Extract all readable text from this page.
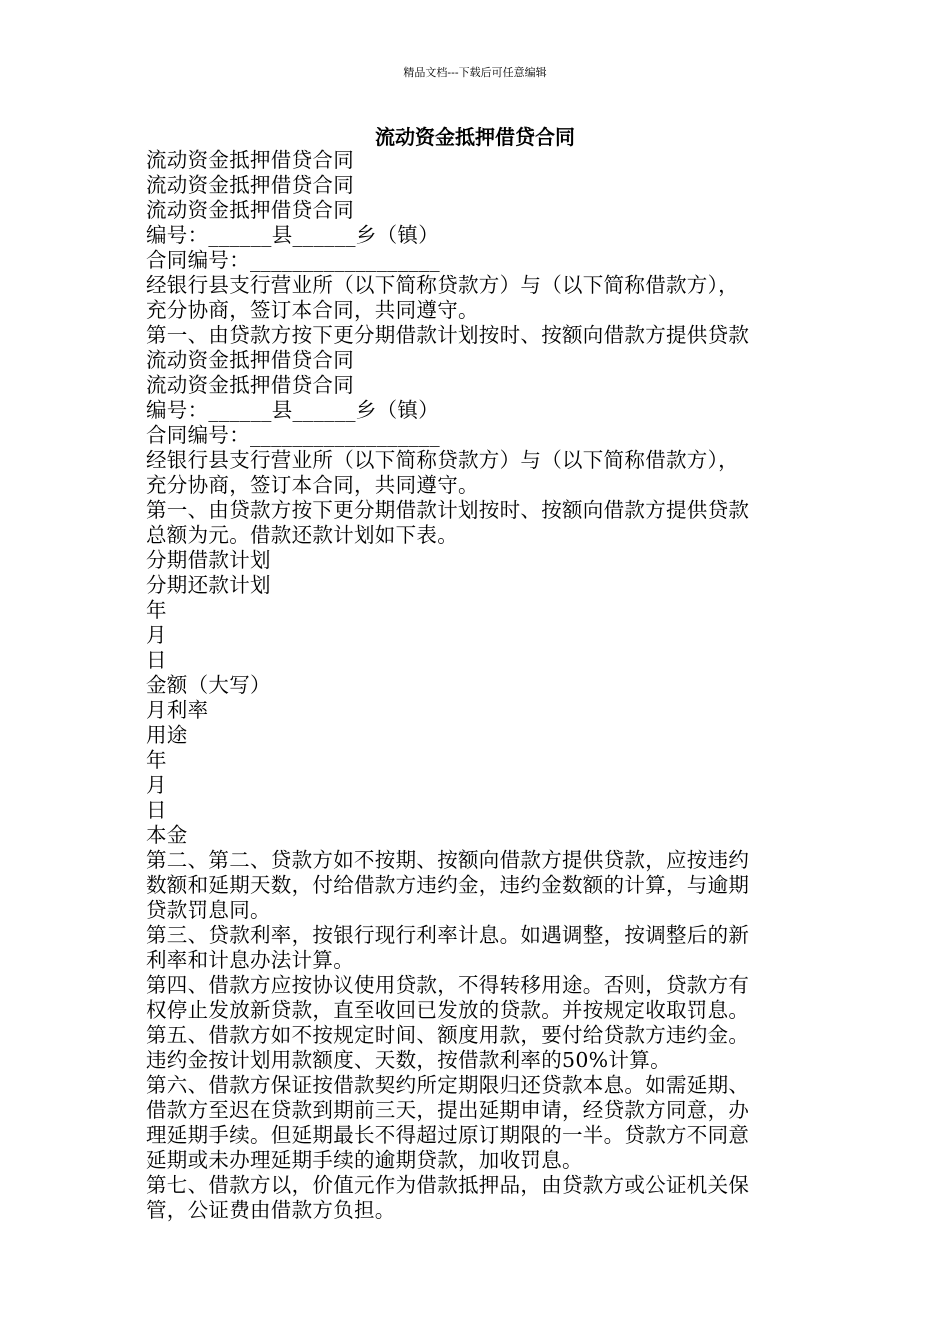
精品文档---下载后可任意编辑
流动资金抵押借贷合同
流动资金抵押借贷合同
流动资金抵押借贷合同
流动资金抵押借贷合同
编号：______县______乡（镇）
合同编号：__________________
经银行县支行营业所（以下简称贷款方）与（以下简称借款方），
充分协商，签订本合同，共同遵守。
第一、由贷款方按下更分期借款计划按时、按额向借款方提供贷款
流动资金抵押借贷合同
流动资金抵押借贷合同
编号：______县______乡（镇）
合同编号：__________________
经银行县支行营业所（以下简称贷款方）与（以下简称借款方），
充分协商，签订本合同，共同遵守。
第一、由贷款方按下更分期借款计划按时、按额向借款方提供贷款
总额为元。借款还款计划如下表。
分期借款计划
分期还款计划
年
月
日
金额（大写）
月利率
用途
年
月
日
本金
第二、第二、贷款方如不按期、按额向借款方提供贷款，应按违约
数额和延期天数，付给借款方违约金，违约金数额的计算，与逾期
贷款罚息同。
第三、贷款利率，按银行现行利率计息。如遇调整，按调整后的新
利率和计息办法计算。
第四、借款方应按协议使用贷款，不得转移用途。否则，贷款方有
权停止发放新贷款，直至收回已发放的贷款。并按规定收取罚息。
第五、借款方如不按规定时间、额度用款，要付给贷款方违约金。
违约金按计划用款额度、天数，按借款利率的50%计算。
第六、借款方保证按借款契约所定期限归还贷款本息。如需延期、
借款方至迟在贷款到期前三天，提出延期申请，经贷款方同意，办
理延期手续。但延期最长不得超过原订期限的一半。贷款方不同意
延期或未办理延期手续的逾期贷款，加收罚息。
第七、借款方以，价值元作为借款抵押品，由贷款方或公证机关保
管，公证费由借款方负担。
